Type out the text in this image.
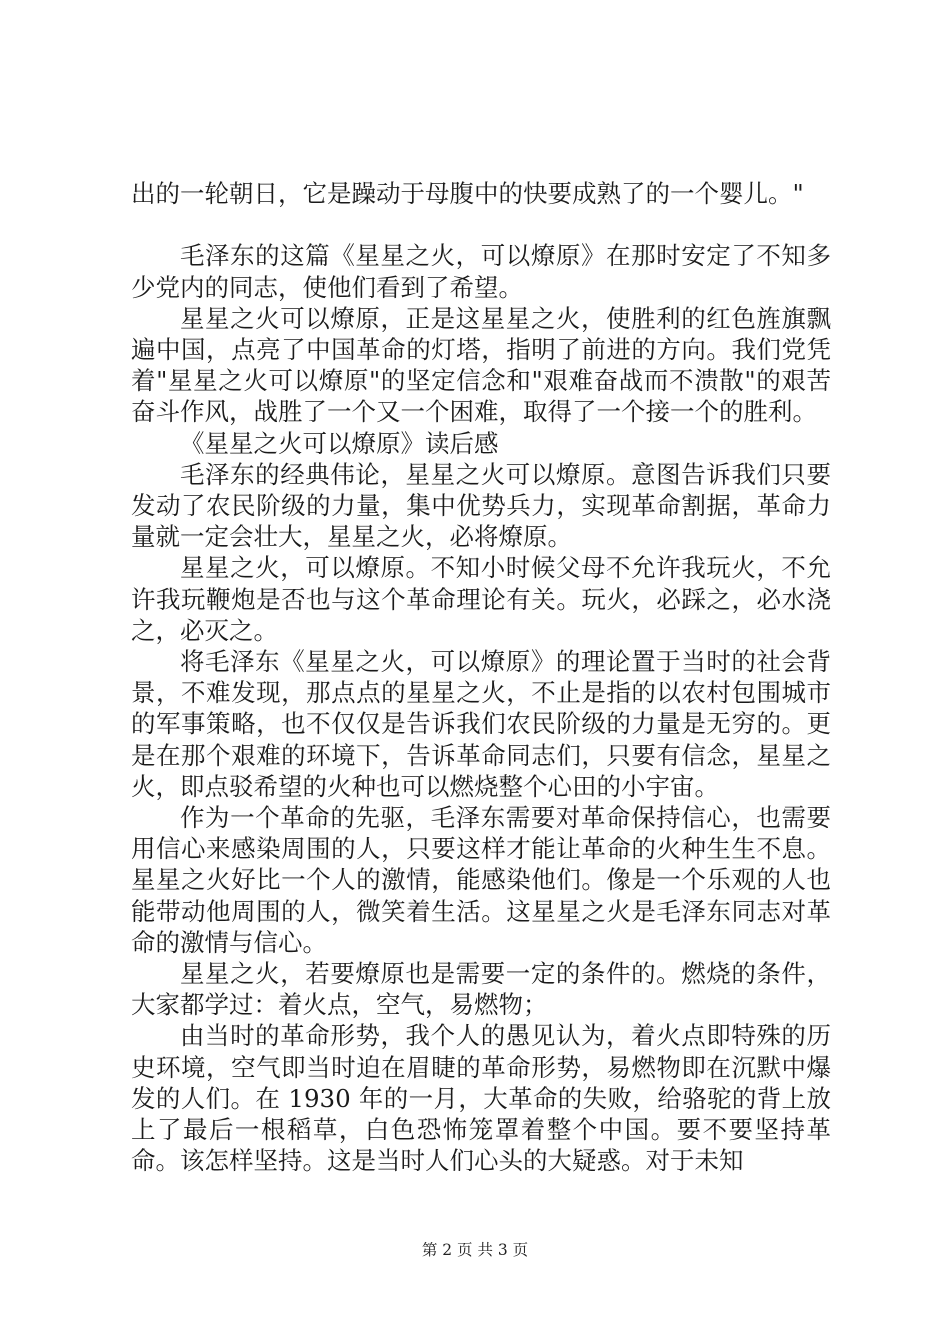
出的一轮朝日，它是躁动于母腹中的快要成熟了的一个婴儿。"

毛泽东的这篇《星星之火，可以燎原》在那时安定了不知多少党内的同志，使他们看到了希望。

星星之火可以燎原，正是这星星之火，使胜利的红色旌旗飘遍中国，点亮了中国革命的灯塔，指明了前进的方向。我们党凭着"星星之火可以燎原"的坚定信念和"艰难奋战而不溃散"的艰苦奋斗作风，战胜了一个又一个困难，取得了一个接一个的胜利。

《星星之火可以燎原》读后感

毛泽东的经典伟论，星星之火可以燎原。意图告诉我们只要发动了农民阶级的力量，集中优势兵力，实现革命割据，革命力量就一定会壮大，星星之火，必将燎原。

星星之火，可以燎原。不知小时候父母不允许我玩火，不允许我玩鞭炮是否也与这个革命理论有关。玩火，必踩之，必水浇之，必灭之。

将毛泽东《星星之火，可以燎原》的理论置于当时的社会背景，不难发现，那点点的星星之火，不止是指的以农村包围城市的军事策略，也不仅仅是告诉我们农民阶级的力量是无穷的。更是在那个艰难的环境下，告诉革命同志们，只要有信念，星星之火，即点驳希望的火种也可以燃烧整个心田的小宇宙。

作为一个革命的先驱，毛泽东需要对革命保持信心，也需要用信心来感染周围的人，只要这样才能让革命的火种生生不息。星星之火好比一个人的激情，能感染他们。像是一个乐观的人也能带动他周围的人，微笑着生活。这星星之火是毛泽东同志对革命的激情与信心。

星星之火，若要燎原也是需要一定的条件的。燃烧的条件，大家都学过：着火点，空气，易燃物；

由当时的革命形势，我个人的愚见认为，着火点即特殊的历史环境，空气即当时迫在眉睫的革命形势，易燃物即在沉默中爆发的人们。在 1930 年的一月，大革命的失败，给骆驼的背上放上了最后一根稻草，白色恐怖笼罩着整个中国。要不要坚持革命。该怎样坚持。这是当时人们心头的大疑惑。对于未知

第 2 页 共 3 页
